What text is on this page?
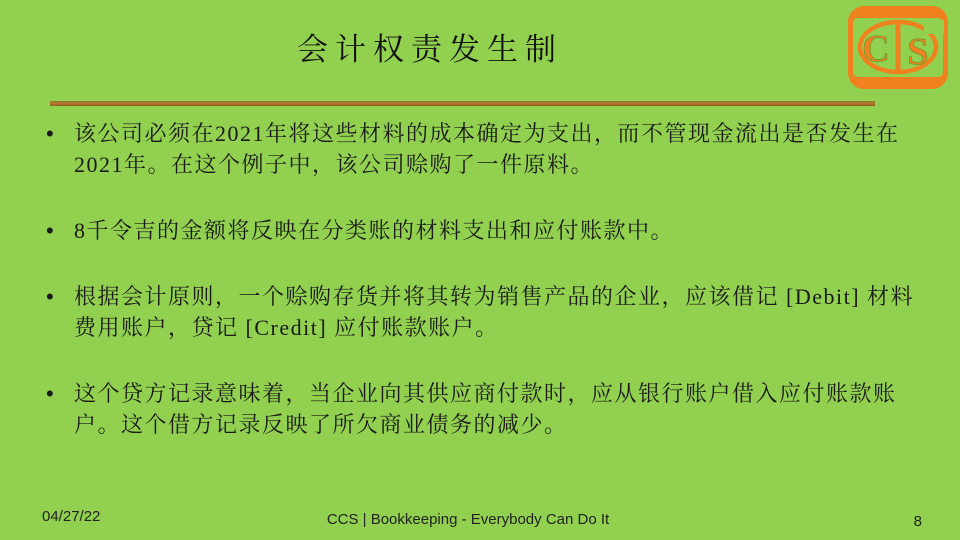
会计权责发生制	C S
• 该公司必须在2021年将这些材料的成本确定为支出，而不管现金流出是否发生在2021年。在这个例子中，该公司赊购了一件原料。
• 8千令吉的金额将反映在分类账的材料支出和应付账款中。
• 根据会计原则，一个赊购存货并将其转为销售产品的企业，应该借记 [Debit] 材料费用账户，贷记 [Credit] 应付账款账户。
• 这个贷方记录意味着，当企业向其供应商付款时，应从银行账户借入应付账款账户。这个借方记录反映了所欠商业债务的减少。
04/27/22	CCS | Bookkeeping - Everybody Can Do It	8
